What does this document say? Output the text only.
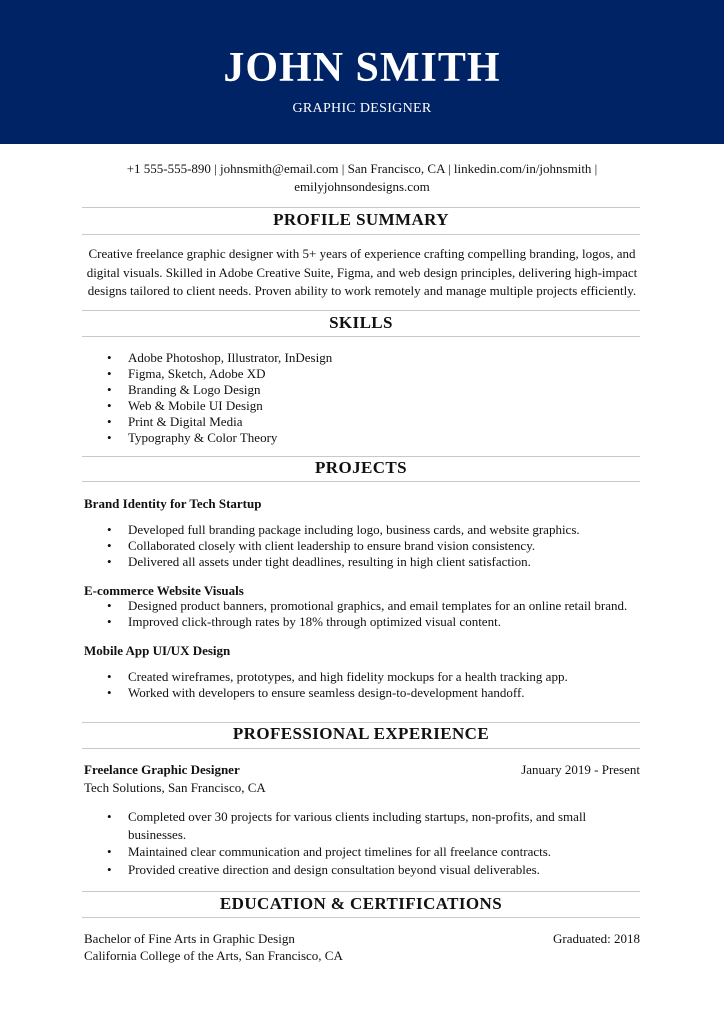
JOHN SMITH
GRAPHIC DESIGNER
+1 555-555-890 | johnsmith@email.com | San Francisco, CA | linkedin.com/in/johnsmith |
emilyjohnsondesigns.com
PROFILE SUMMARY
Creative freelance graphic designer with 5+ years of experience crafting compelling branding, logos, and
digital visuals. Skilled in Adobe Creative Suite, Figma, and web design principles, delivering high-impact
designs tailored to client needs. Proven ability to work remotely and manage multiple projects efficiently.
SKILLS
• Adobe Photoshop, Illustrator, InDesign
• Figma, Sketch, Adobe XD
• Branding & Logo Design
• Web & Mobile UI Design
• Print & Digital Media
• Typography & Color Theory
PROJECTS
Brand Identity for Tech Startup
• Developed full branding package including logo, business cards, and website graphics.
• Collaborated closely with client leadership to ensure brand vision consistency.
• Delivered all assets under tight deadlines, resulting in high client satisfaction.
E-commerce Website Visuals
• Designed product banners, promotional graphics, and email templates for an online retail brand.
• Improved click-through rates by 18% through optimized visual content.
Mobile App UI/UX Design
• Created wireframes, prototypes, and high fidelity mockups for a health tracking app.
• Worked with developers to ensure seamless design-to-development handoff.
PROFESSIONAL EXPERIENCE
Freelance Graphic Designer	January 2019 - Present
Tech Solutions, San Francisco, CA
• Completed over 30 projects for various clients including startups, non-profits, and small
businesses.
• Maintained clear communication and project timelines for all freelance contracts.
• Provided creative direction and design consultation beyond visual deliverables.
EDUCATION & CERTIFICATIONS
Bachelor of Fine Arts in Graphic Design	Graduated: 2018
California College of the Arts, San Francisco, CA
